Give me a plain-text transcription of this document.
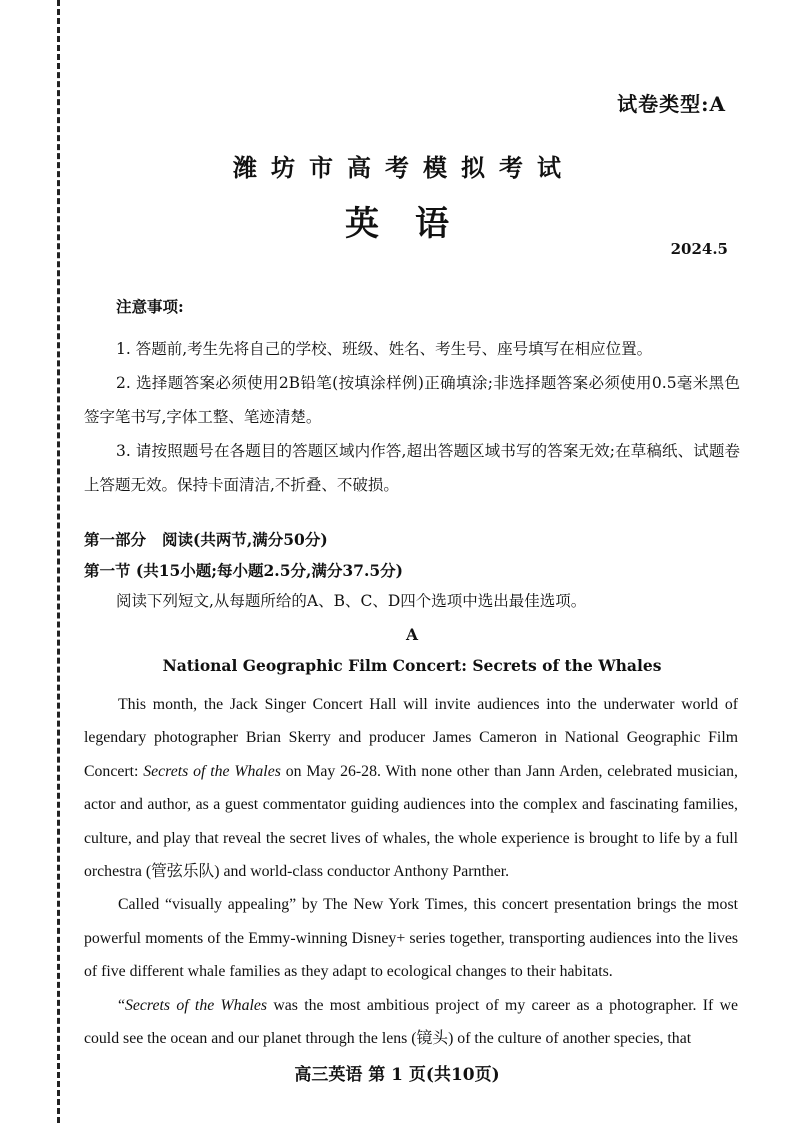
试卷类型:A
潍坊市高考模拟考试
英语
2024.5
注意事项:

1. 答题前,考生先将自己的学校、班级、姓名、考生号、座号填写在相应位置。

2. 选择题答案必须使用2B铅笔(按填涂样例)正确填涂;非选择题答案必须使用0.5毫米黑色签字笔书写,字体工整、笔迹清楚。

3. 请按照题号在各题目的答题区域内作答,超出答题区域书写的答案无效;在草稿纸、试题卷上答题无效。保持卡面清洁,不折叠、不破损。

第一部分 阅读(共两节,满分50分)
第一节 (共15小题;每小题2.5分,满分37.5分)
阅读下列短文,从每题所给的A、B、C、D四个选项中选出最佳选项。
A
National Geographic Film Concert: Secrets of the Whales

This month, the Jack Singer Concert Hall will invite audiences into the underwater world of legendary photographer Brian Skerry and producer James Cameron in National Geographic Film Concert: Secrets of the Whales on May 26-28. With none other than Jann Arden, celebrated musician, actor and author, as a guest commentator guiding audiences into the complex and fascinating families, culture, and play that reveal the secret lives of whales, the whole experience is brought to life by a full orchestra (管弦乐队) and world-class conductor Anthony Parnther.

Called “visually appealing” by The New York Times, this concert presentation brings the most powerful moments of the Emmy-winning Disney+ series together, transporting audiences into the lives of five different whale families as they adapt to ecological changes to their habitats.

“Secrets of the Whales was the most ambitious project of my career as a photographer. If we could see the ocean and our planet through the lens (镜头) of the culture of another species, that

高三英语 第 1 页(共10页)
